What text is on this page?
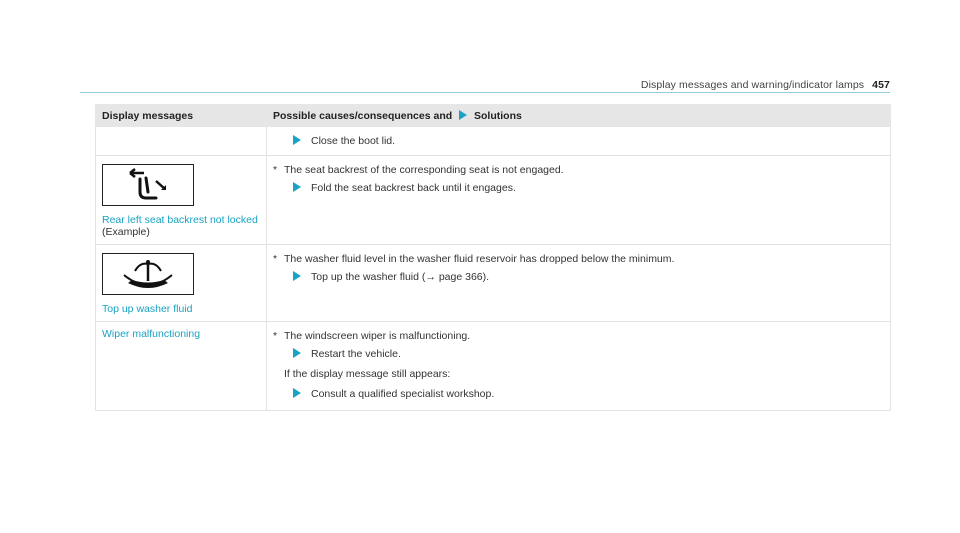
Display messages and warning/indicator lamps 457
Display messages	Possible causes/consequences and Solutions

	Close the boot lid.

Rear left seat backrest not locked (Example)	* The seat backrest of the corresponding seat is not engaged.
Fold the seat backrest back until it engages.

Top up washer fluid	* The washer fluid level in the washer fluid reservoir has dropped below the minimum.
Top up the washer fluid (→ page 366).

Wiper malfunctioning	* The windscreen wiper is malfunctioning.
Restart the vehicle.
If the display message still appears:
Consult a qualified specialist workshop.
